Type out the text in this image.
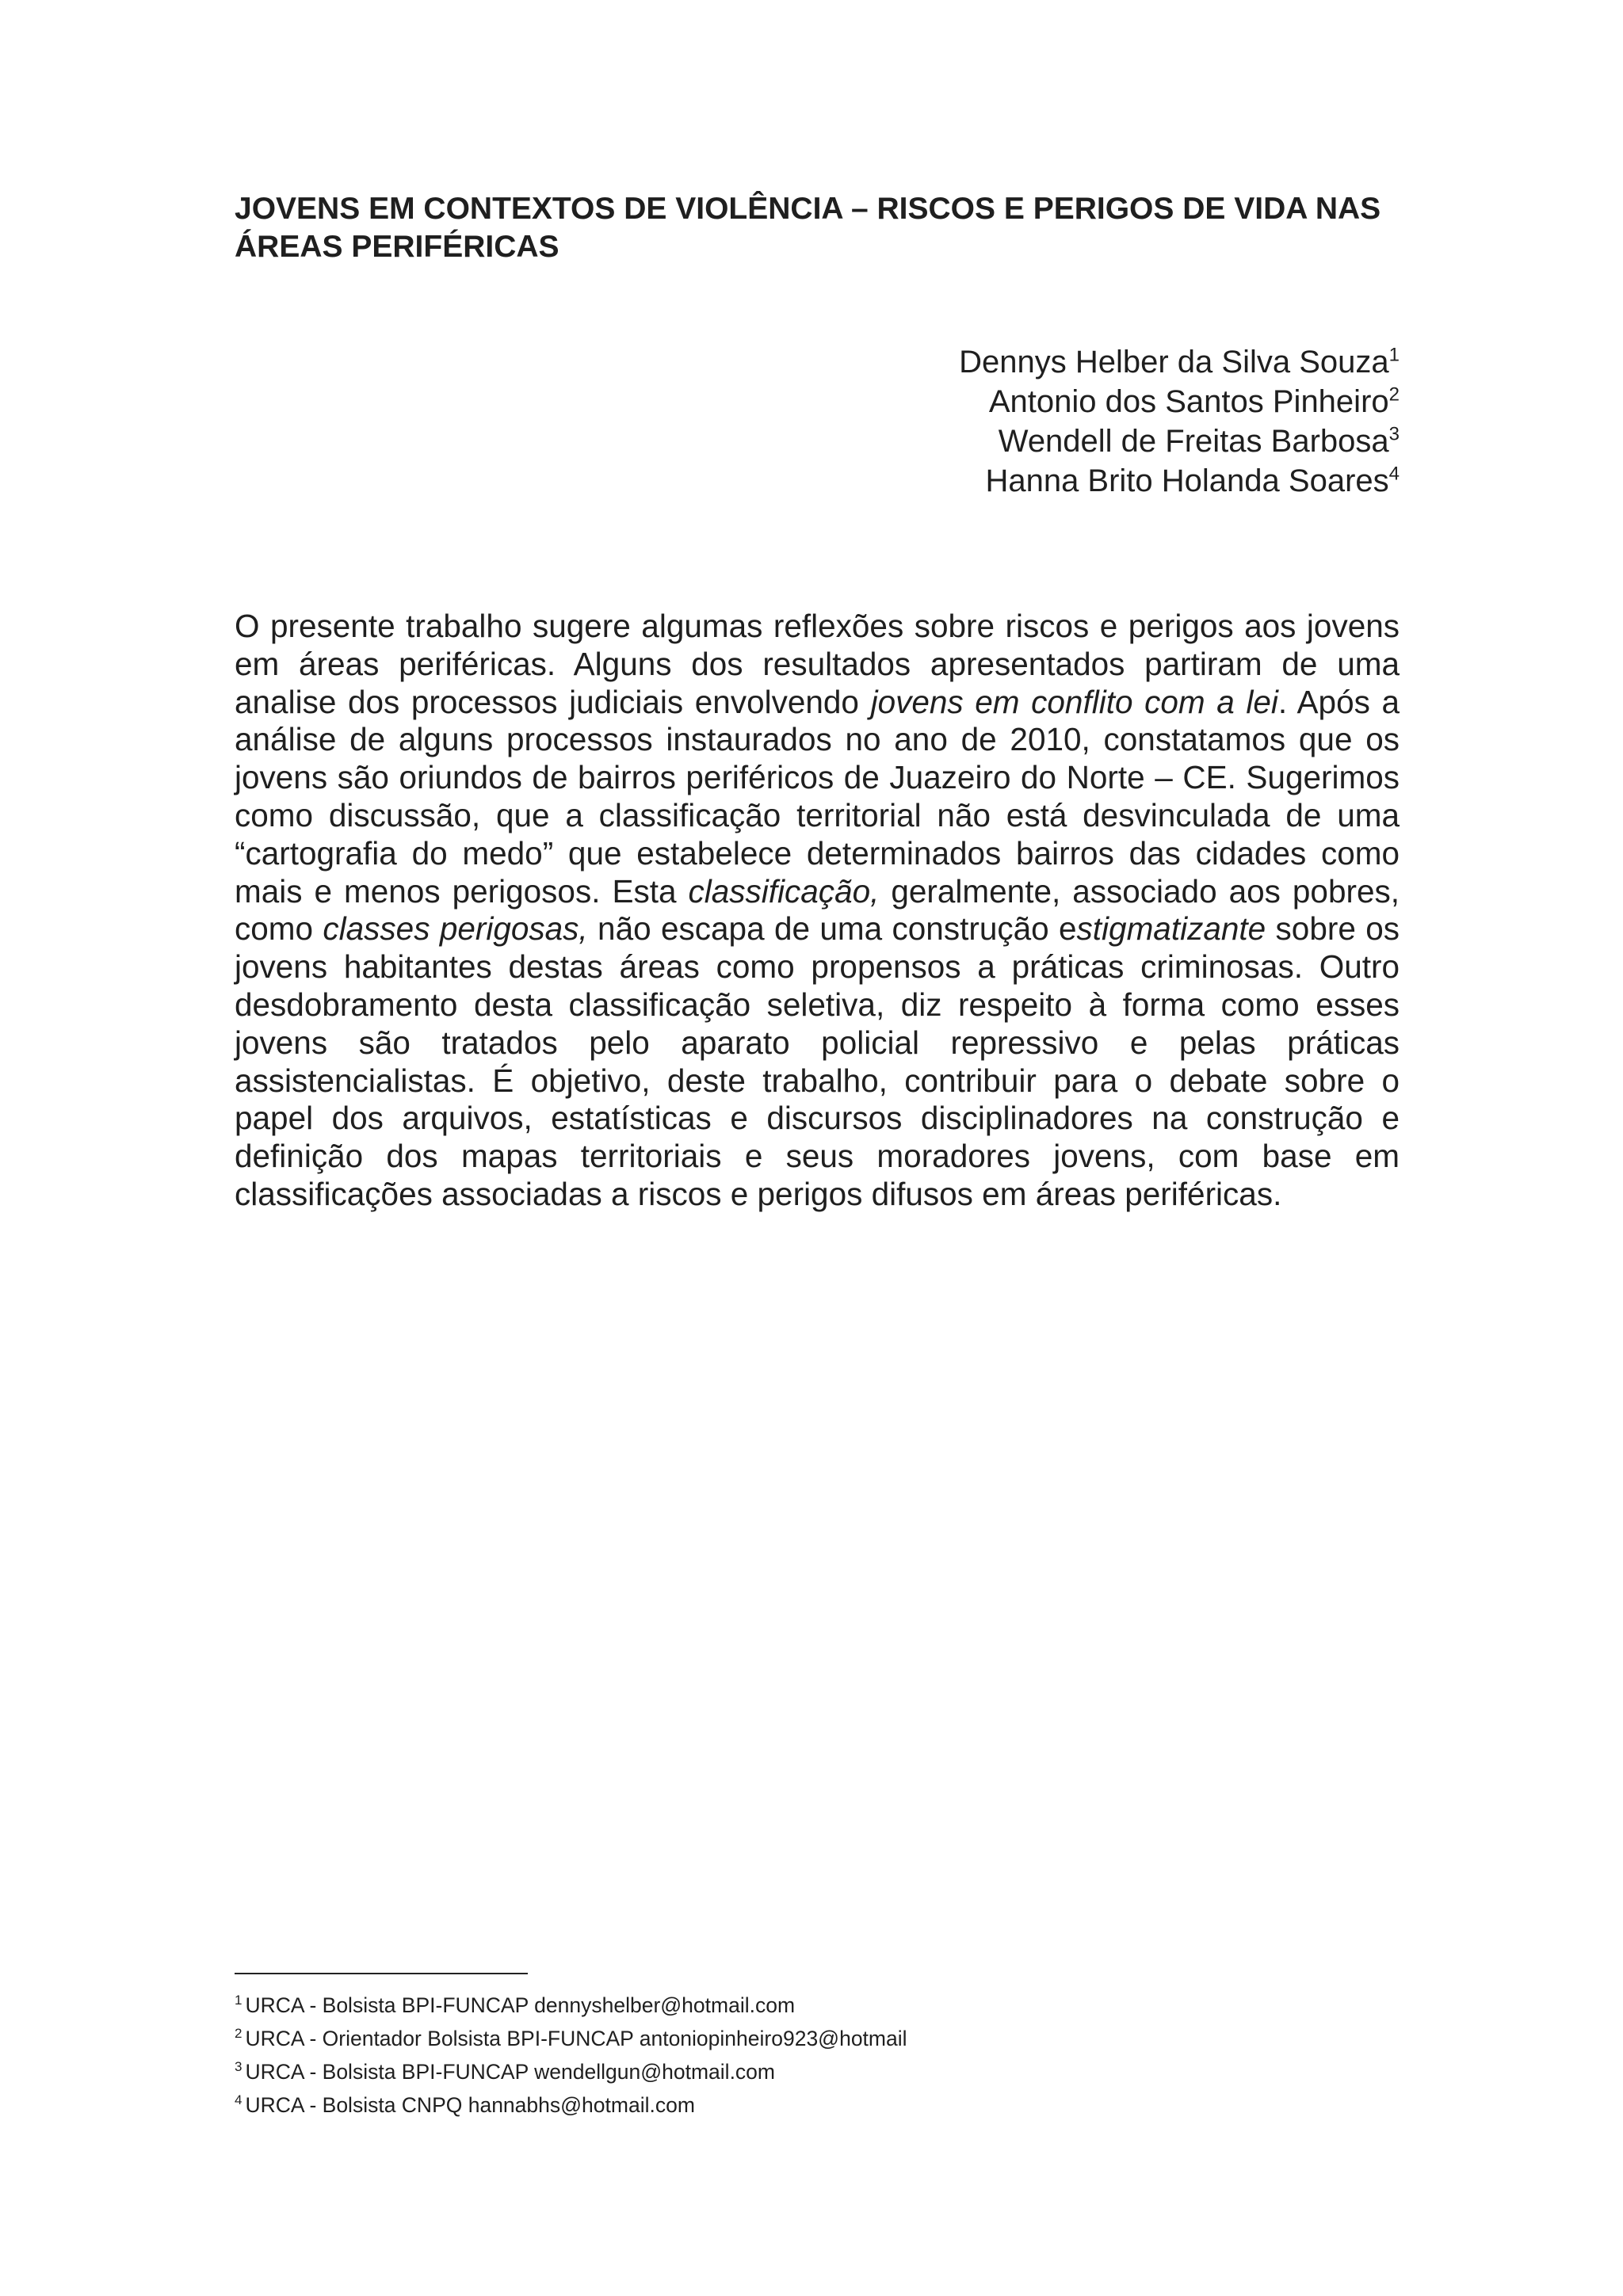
JOVENS EM CONTEXTOS DE VIOLÊNCIA – RISCOS E PERIGOS DE VIDA NAS ÁREAS PERIFÉRICAS
Dennys Helber da Silva Souza$^1$
Antonio dos Santos Pinheiro$^2$
Wendell de Freitas Barbosa$^3$
Hanna Brito Holanda Soares$^4$

O presente trabalho sugere algumas reflexões sobre riscos e perigos aos jovens em áreas periféricas. Alguns dos resultados apresentados partiram de uma analise dos processos judiciais envolvendo jovens em conflito com a lei. Após a análise de alguns processos instaurados no ano de 2010, constatamos que os jovens são oriundos de bairros periféricos de Juazeiro do Norte – CE. Sugerimos como discussão, que a classificação territorial não está desvinculada de uma “cartografia do medo” que estabelece determinados bairros das cidades como mais e menos perigosos. Esta classificação, geralmente, associado aos pobres, como classes perigosas, não escapa de uma construção estigmatizante sobre os jovens habitantes destas áreas como propensos a práticas criminosas. Outro desdobramento desta classificação seletiva, diz respeito à forma como esses jovens são tratados pelo aparato policial repressivo e pelas práticas assistencialistas. É objetivo, deste trabalho, contribuir para o debate sobre o papel dos arquivos, estatísticas e discursos disciplinadores na construção e definição dos mapas territoriais e seus moradores jovens, com base em classificações associadas a riscos e perigos difusos em áreas periféricas.

$^1$ URCA - Bolsista BPI-FUNCAP dennyshelber@hotmail.com
$^2$ URCA - Orientador Bolsista BPI-FUNCAP antoniopinheiro923@hotmail
$^3$ URCA - Bolsista BPI-FUNCAP wendellgun@hotmail.com
$^4$ URCA - Bolsista CNPQ hannabhs@hotmail.com
